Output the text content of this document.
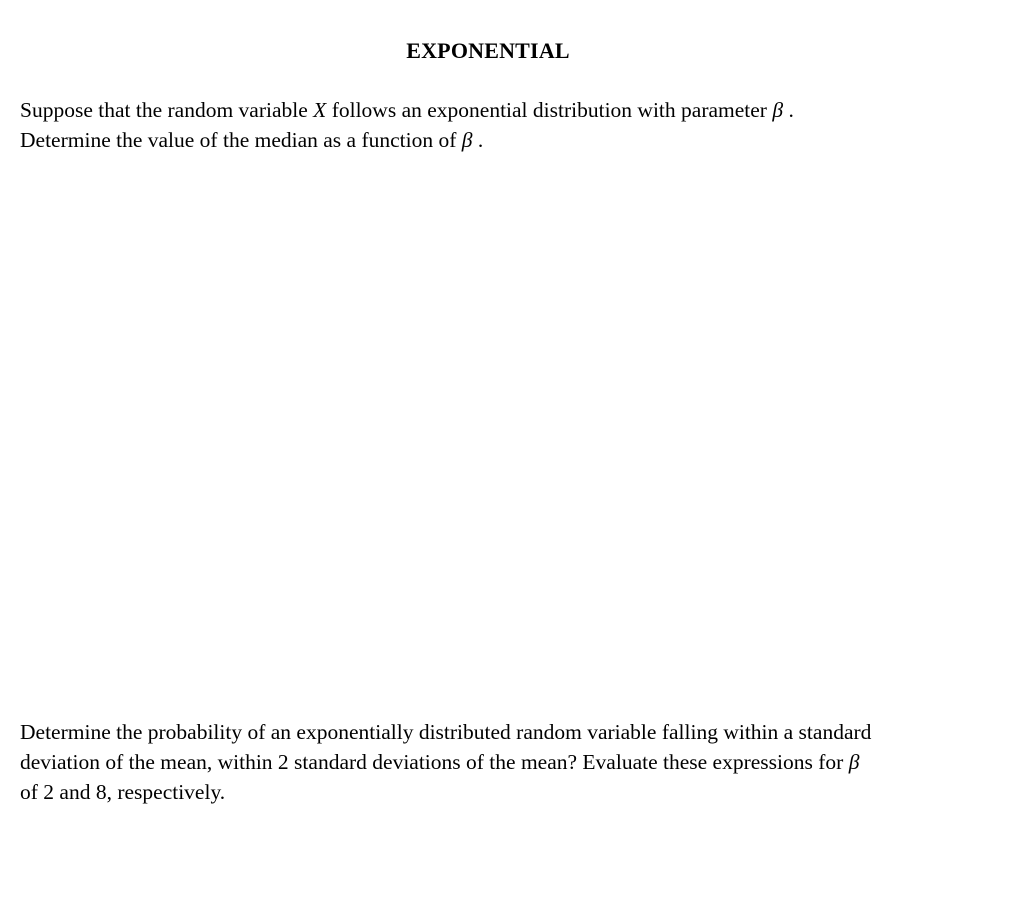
EXPONENTIAL
Suppose that the random variable X follows an exponential distribution with parameter β .
Determine the value of the median as a function of β .
Determine the probability of an exponentially distributed random variable falling within a standard
deviation of the mean, within 2 standard deviations of the mean? Evaluate these expressions for β
of 2 and 8, respectively.
